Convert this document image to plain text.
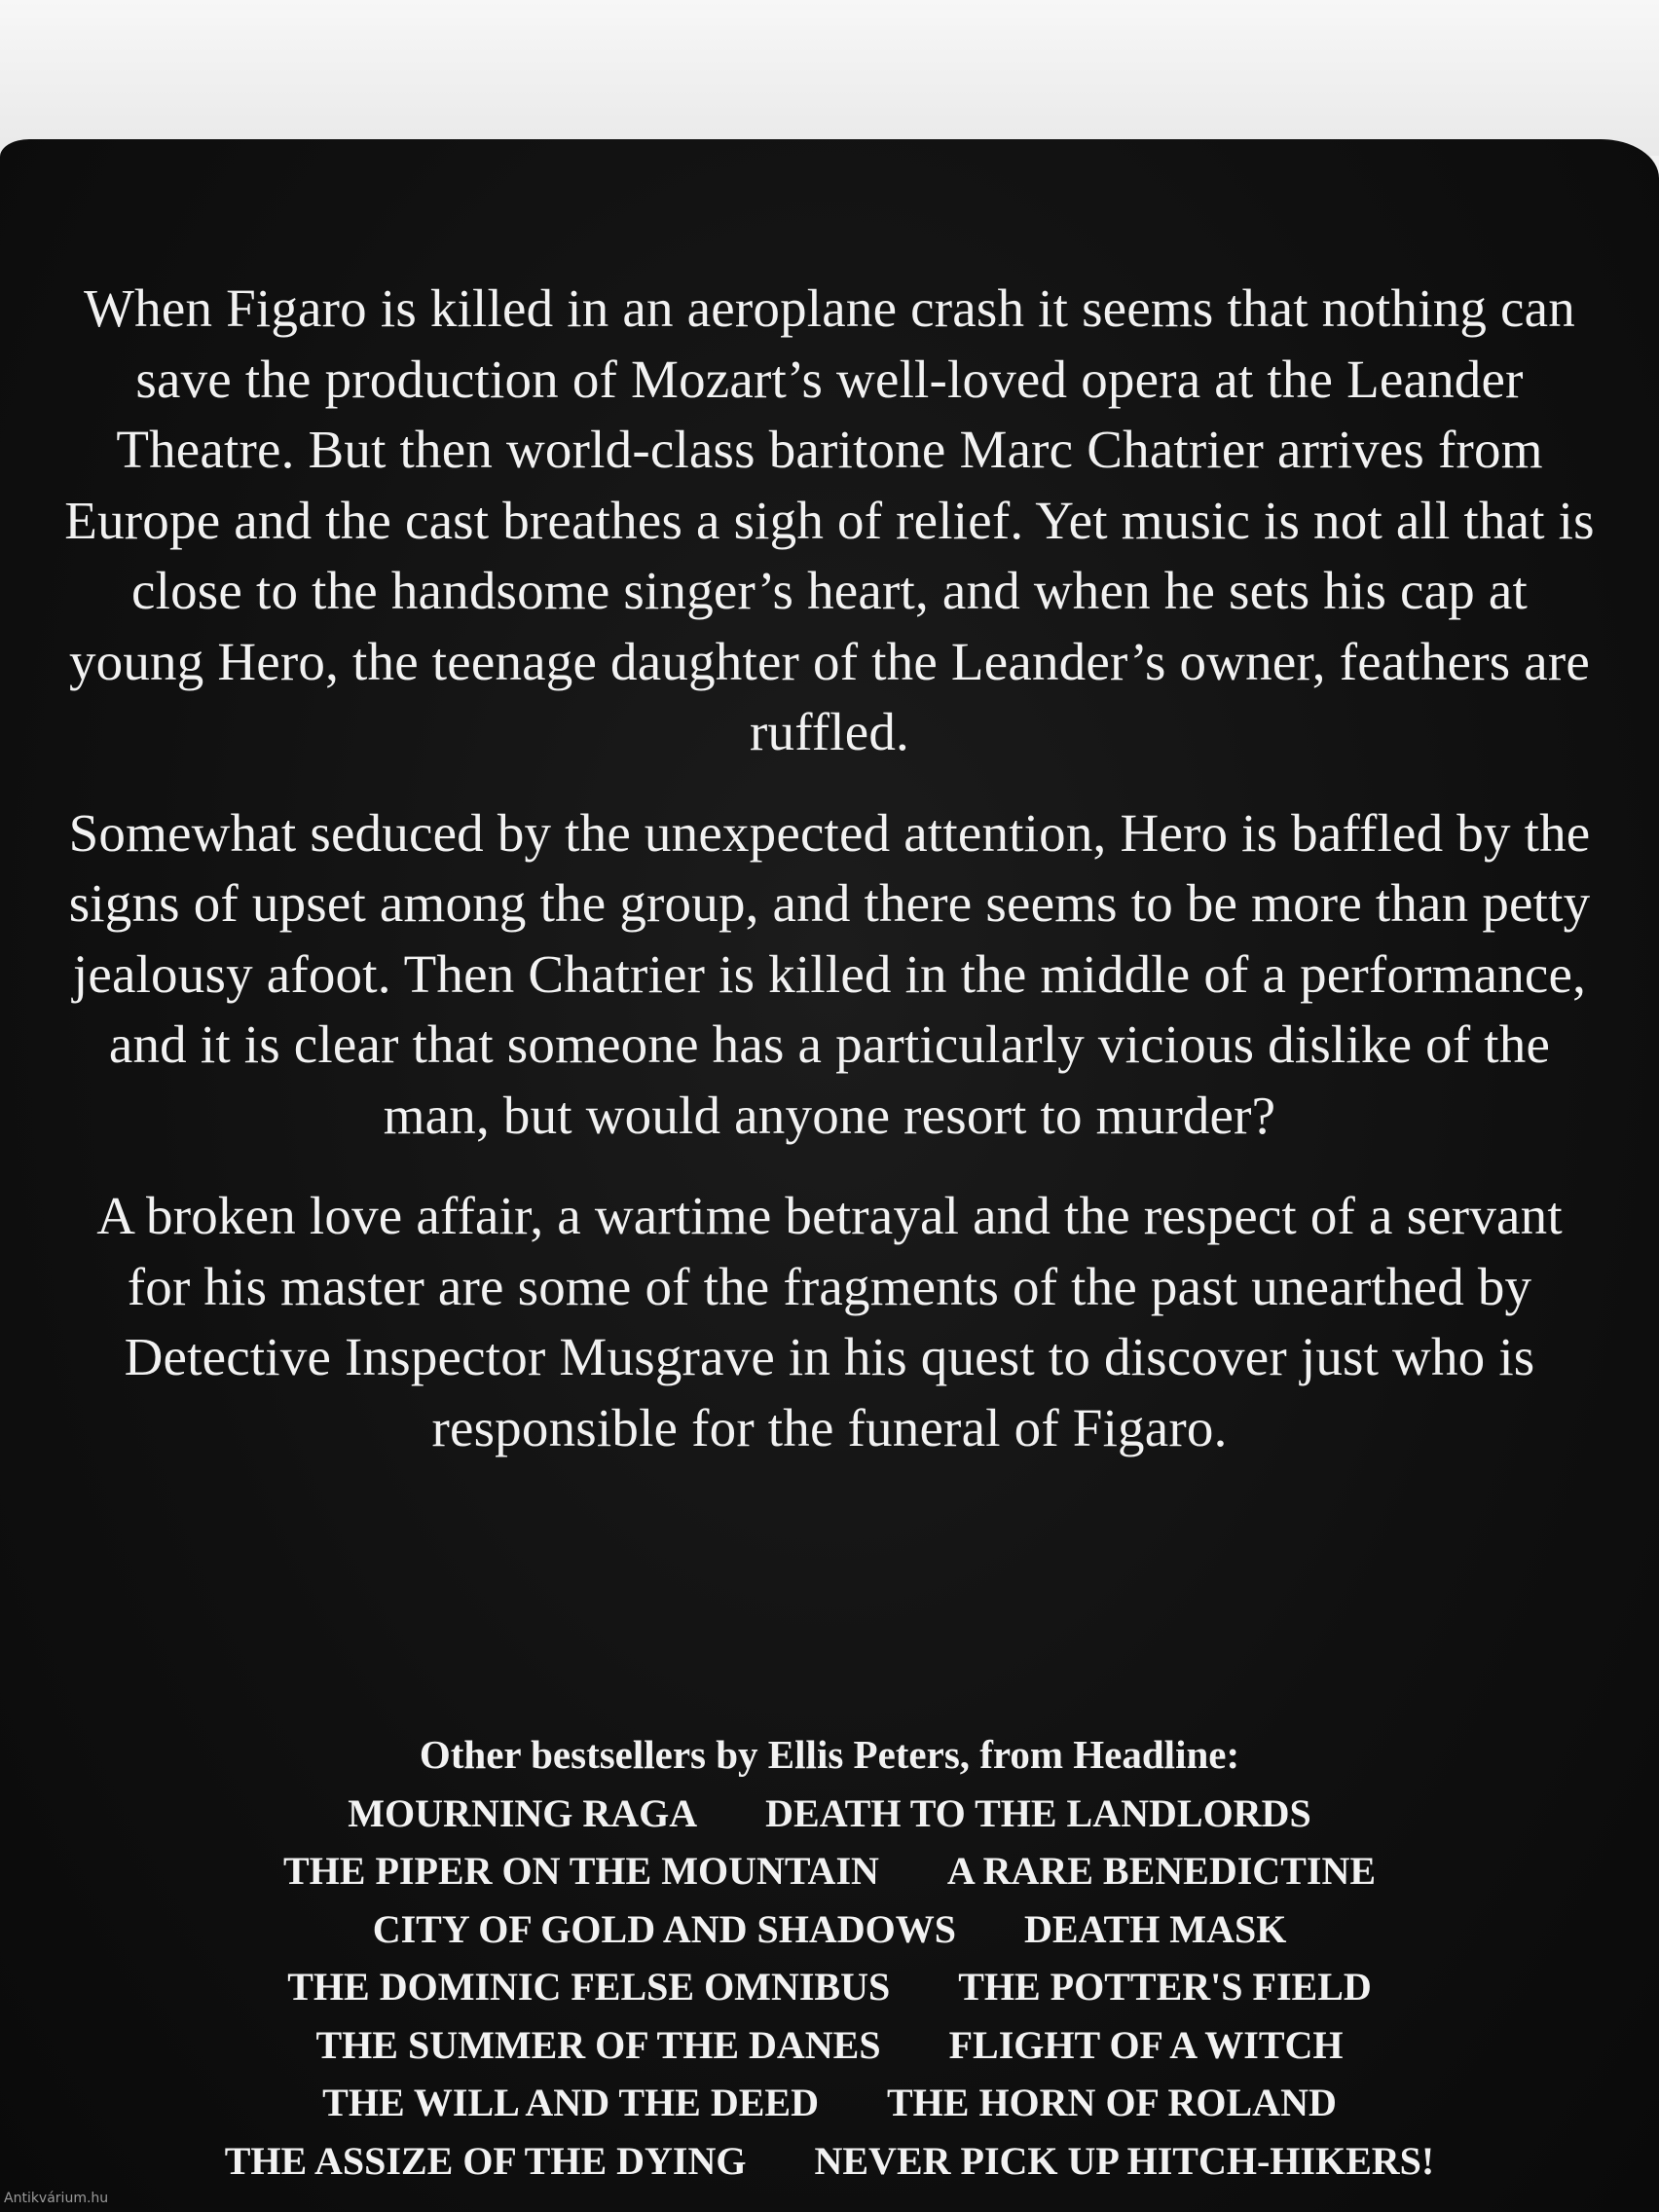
When Figaro is killed in an aeroplane crash it seems that nothing can save the production of Mozart’s well-loved opera at the Leander Theatre. But then world-class baritone Marc Chatrier arrives from Europe and the cast breathes a sigh of relief. Yet music is not all that is close to the handsome singer’s heart, and when he sets his cap at young Hero, the teenage daughter of the Leander’s owner, feathers are ruffled.

Somewhat seduced by the unexpected attention, Hero is baffled by the signs of upset among the group, and there seems to be more than petty jealousy afoot. Then Chatrier is killed in the middle of a performance, and it is clear that someone has a particularly vicious dislike of the man, but would anyone resort to murder?

A broken love affair, a wartime betrayal and the respect of a servant for his master are some of the fragments of the past unearthed by Detective Inspector Musgrave in his quest to discover just who is responsible for the funeral of Figaro.

Other bestsellers by Ellis Peters, from Headline:
MOURNING RAGA DEATH TO THE LANDLORDS
THE PIPER ON THE MOUNTAIN A RARE BENEDICTINE
CITY OF GOLD AND SHADOWS DEATH MASK
THE DOMINIC FELSE OMNIBUS THE POTTER'S FIELD
THE SUMMER OF THE DANES FLIGHT OF A WITCH
THE WILL AND THE DEED THE HORN OF ROLAND
THE ASSIZE OF THE DYING NEVER PICK UP HITCH-HIKERS!
Antikvárium.hu
